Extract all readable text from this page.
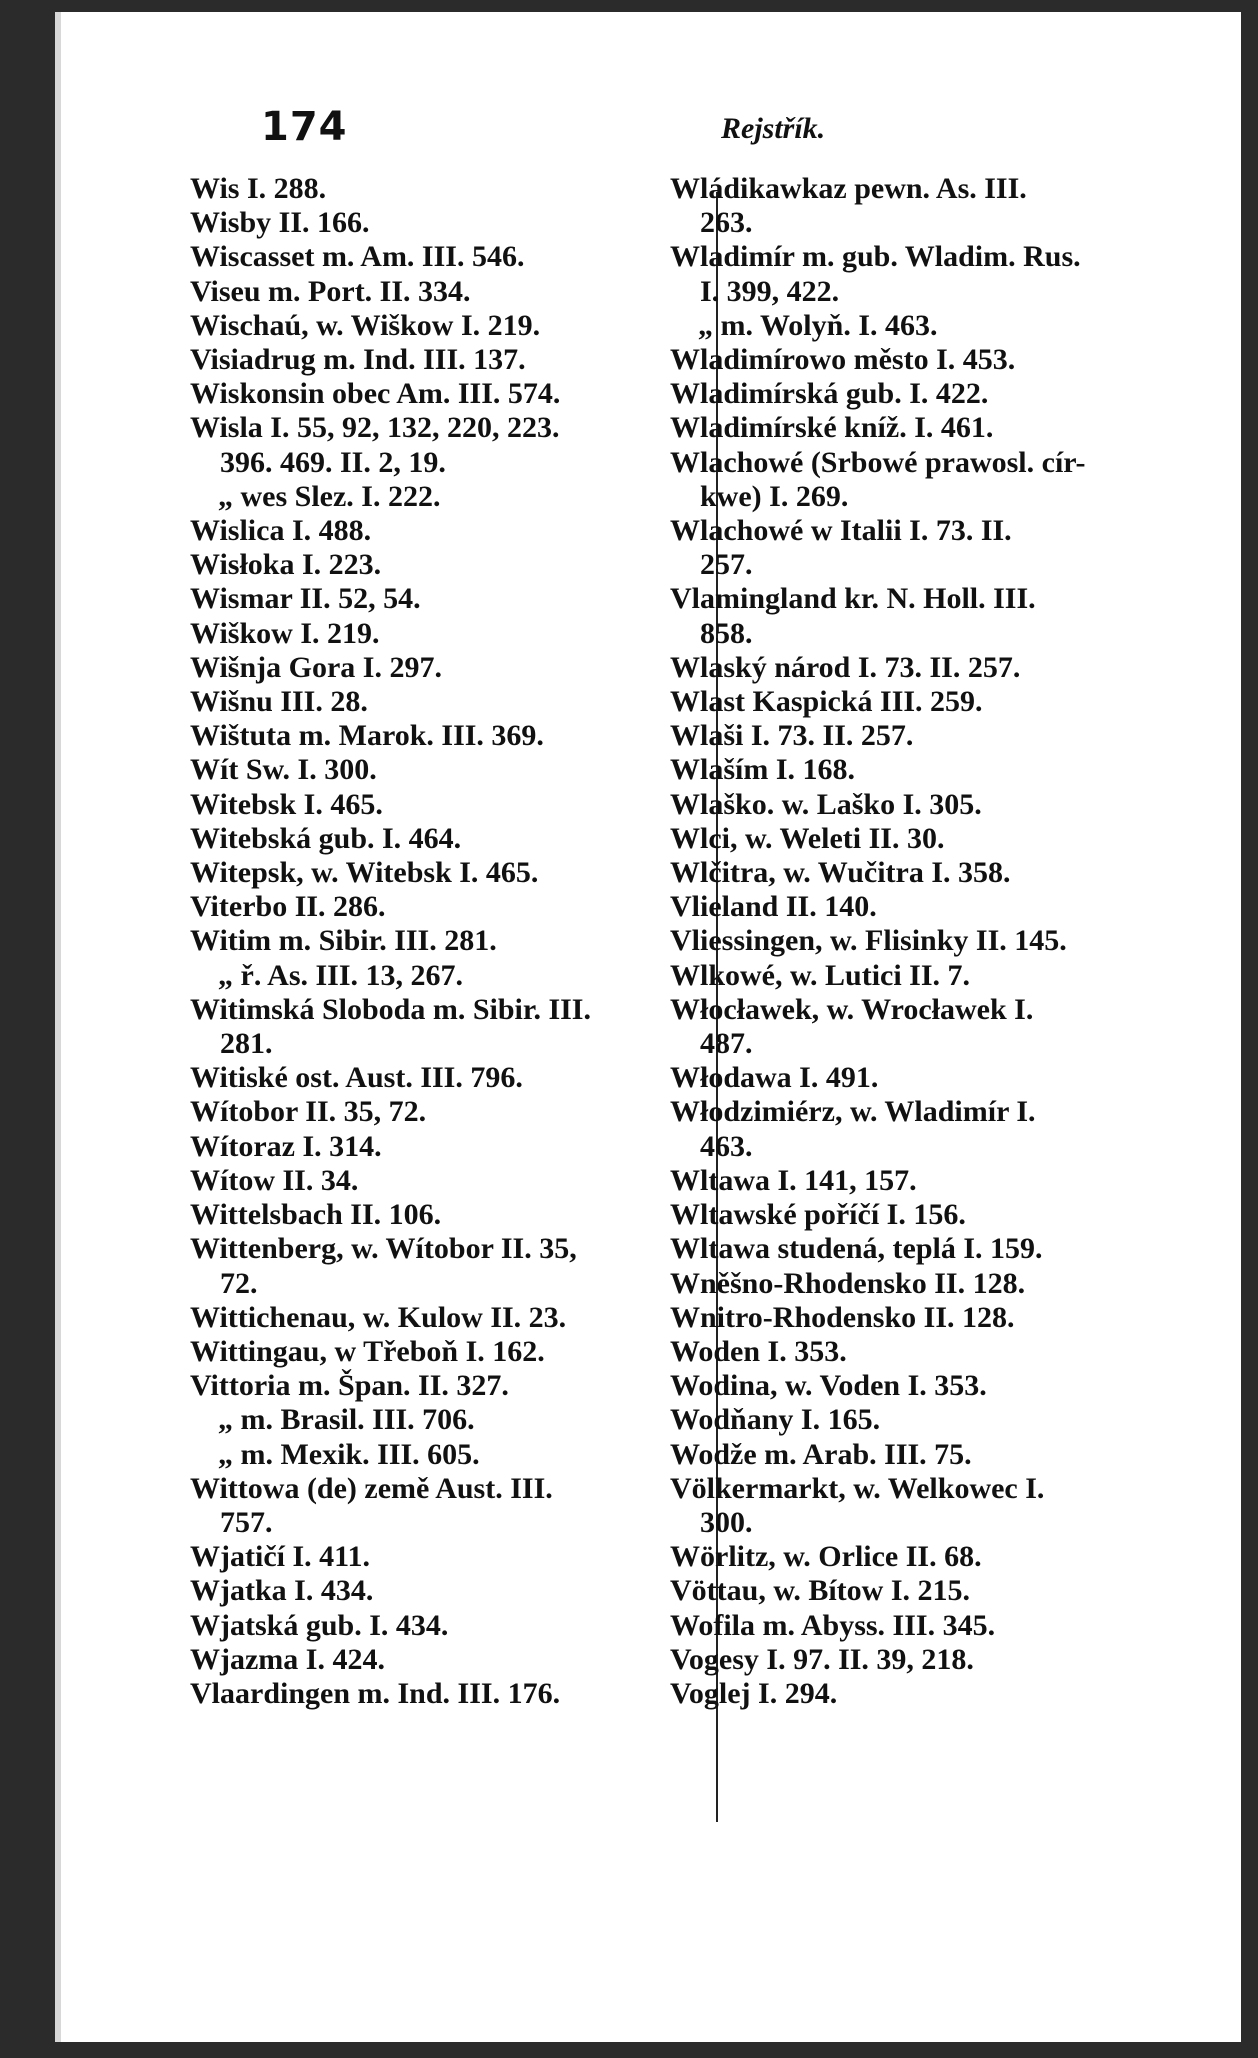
174	Rejstřík.
Wis I. 288.
Wisby II. 166.
Wiscasset m. Am. III. 546.
Viseu m. Port. II. 334.
Wischaú, w. Wiškow I. 219.
Visiadrug m. Ind. III. 137.
Wiskonsin obec Am. III. 574.
Wisla I. 55, 92, 132, 220, 223.
396. 469. II. 2, 19.
„ wes Slez. I. 222.
Wislica I. 488.
Wisłoka I. 223.
Wismar II. 52, 54.
Wiškow I. 219.
Wišnja Gora I. 297.
Wišnu III. 28.
Wištuta m. Marok. III. 369.
Wít Sw. I. 300.
Witebsk I. 465.
Witebská gub. I. 464.
Witepsk, w. Witebsk I. 465.
Viterbo II. 286.
Witim m. Sibir. III. 281.
„ ř. As. III. 13, 267.
Witimská Sloboda m. Sibir. III.
281.
Witiské ost. Aust. III. 796.
Wítobor II. 35, 72.
Wítoraz I. 314.
Wítow II. 34.
Wittelsbach II. 106.
Wittenberg, w. Wítobor II. 35,
72.
Wittichenau, w. Kulow II. 23.
Wittingau, w Třeboň I. 162.
Vittoria m. Špan. II. 327.
„ m. Brasil. III. 706.
„ m. Mexik. III. 605.
Wittowa (de) země Aust. III.
757.
Wjatičí I. 411.
Wjatka I. 434.
Wjatská gub. I. 434.
Wjazma I. 424.
Vlaardingen m. Ind. III. 176.
Wládikawkaz pewn. As. III.
263.
Wladimír m. gub. Wladim. Rus.
I. 399, 422.
„ m. Wolyň. I. 463.
Wladimírowo město I. 453.
Wladimírská gub. I. 422.
Wladimírské kníž. I. 461.
Wlachowé (Srbowé prawosl. cír-
kwe) I. 269.
Wlachowé w Italii I. 73. II.
257.
Vlamingland kr. N. Holl. III.
858.
Wlaský národ I. 73. II. 257.
Wlast Kaspická III. 259.
Wlaši I. 73. II. 257.
Wlaším I. 168.
Wlaško. w. Laško I. 305.
Wlci, w. Weleti II. 30.
Wlčitra, w. Wučitra I. 358.
Vlieland II. 140.
Vliessingen, w. Flisinky II. 145.
Wlkowé, w. Lutici II. 7.
Włocławek, w. Wrocławek I.
487.
Włodawa I. 491.
Włodzimiérz, w. Wladimír I.
463.
Wltawa I. 141, 157.
Wltawské poříčí I. 156.
Wltawa studená, teplá I. 159.
Wněšno-Rhodensko II. 128.
Wnitro-Rhodensko II. 128.
Woden I. 353.
Wodina, w. Voden I. 353.
Wodňany I. 165.
Wodže m. Arab. III. 75.
Völkermarkt, w. Welkowec I.
300.
Wörlitz, w. Orlice II. 68.
Vöttau, w. Bítow I. 215.
Wofila m. Abyss. III. 345.
Vogesy I. 97. II. 39, 218.
Voglej I. 294.
